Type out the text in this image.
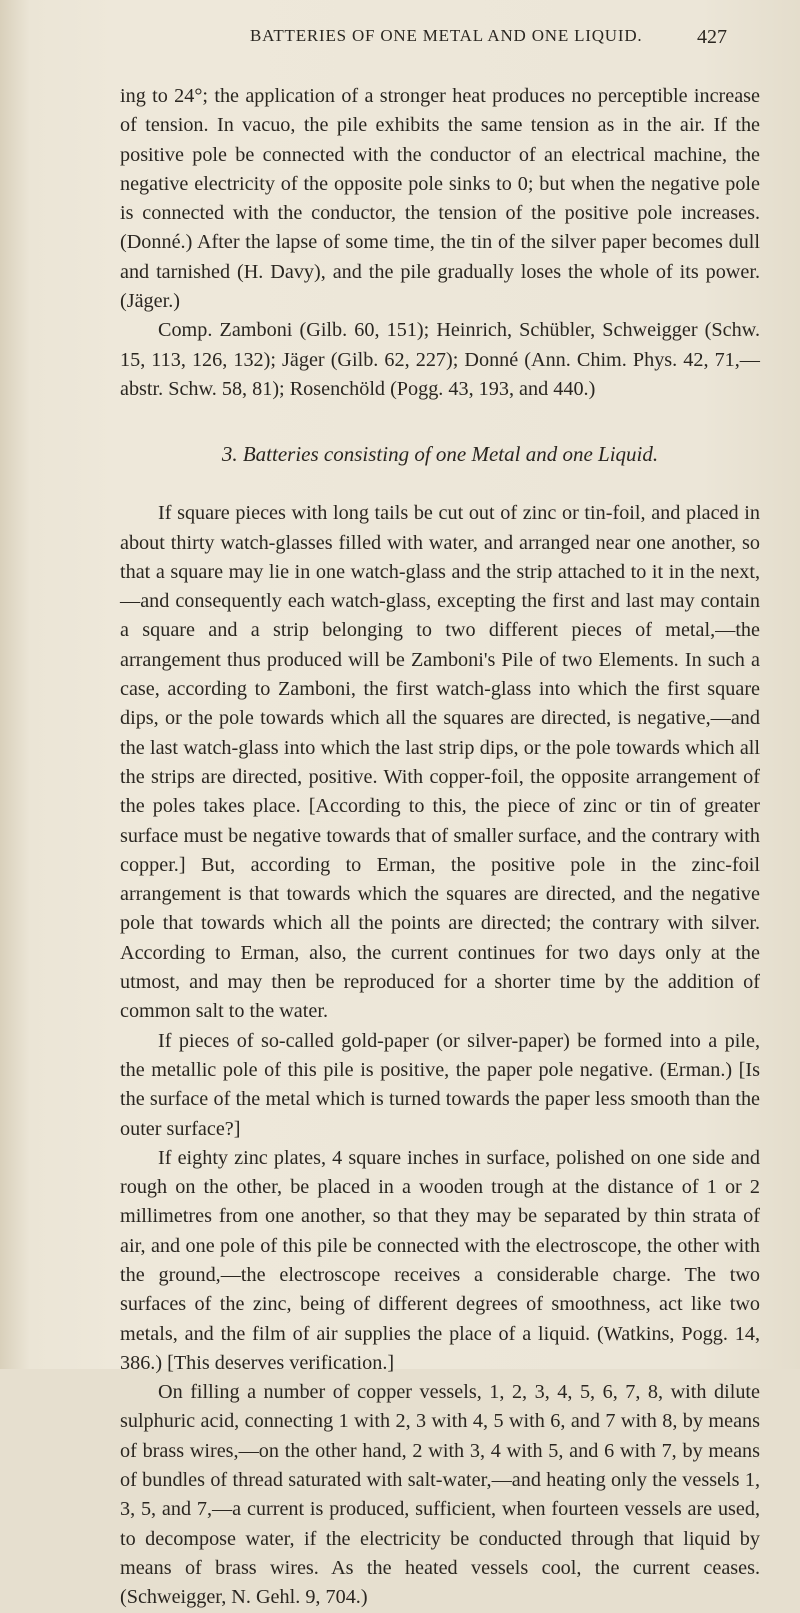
BATTERIES OF ONE METAL AND ONE LIQUID.	427

ing to 24°; the application of a stronger heat produces no perceptible increase of tension. In vacuo, the pile exhibits the same tension as in the air. If the positive pole be connected with the conductor of an electrical machine, the negative electricity of the opposite pole sinks to 0; but when the negative pole is connected with the conductor, the tension of the positive pole increases. (Donné.) After the lapse of some time, the tin of the silver paper becomes dull and tarnished (H. Davy), and the pile gradually loses the whole of its power. (Jäger.)

Comp. Zamboni (Gilb. 60, 151); Heinrich, Schübler, Schweigger (Schw. 15, 113, 126, 132); Jäger (Gilb. 62, 227); Donné (Ann. Chim. Phys. 42, 71,—abstr. Schw. 58, 81); Rosenchöld (Pogg. 43, 193, and 440.)

3. Batteries consisting of one Metal and one Liquid.

If square pieces with long tails be cut out of zinc or tin-foil, and placed in about thirty watch-glasses filled with water, and arranged near one another, so that a square may lie in one watch-glass and the strip attached to it in the next,—and consequently each watch-glass, excepting the first and last may contain a square and a strip belonging to two different pieces of metal,—the arrangement thus produced will be Zamboni's Pile of two Elements. In such a case, according to Zamboni, the first watch-glass into which the first square dips, or the pole towards which all the squares are directed, is negative,—and the last watch-glass into which the last strip dips, or the pole towards which all the strips are directed, positive. With copper-foil, the opposite arrangement of the poles takes place. [According to this, the piece of zinc or tin of greater surface must be negative towards that of smaller surface, and the contrary with copper.] But, according to Erman, the positive pole in the zinc-foil arrangement is that towards which the squares are directed, and the negative pole that towards which all the points are directed; the contrary with silver. According to Erman, also, the current continues for two days only at the utmost, and may then be reproduced for a shorter time by the addition of common salt to the water.

If pieces of so-called gold-paper (or silver-paper) be formed into a pile, the metallic pole of this pile is positive, the paper pole negative. (Erman.) [Is the surface of the metal which is turned towards the paper less smooth than the outer surface?]

If eighty zinc plates, 4 square inches in surface, polished on one side and rough on the other, be placed in a wooden trough at the distance of 1 or 2 millimetres from one another, so that they may be separated by thin strata of air, and one pole of this pile be connected with the electroscope, the other with the ground,—the electroscope receives a considerable charge. The two surfaces of the zinc, being of different degrees of smoothness, act like two metals, and the film of air supplies the place of a liquid. (Watkins, Pogg. 14, 386.) [This deserves verification.]

On filling a number of copper vessels, 1, 2, 3, 4, 5, 6, 7, 8, with dilute sulphuric acid, connecting 1 with 2, 3 with 4, 5 with 6, and 7 with 8, by means of brass wires,—on the other hand, 2 with 3, 4 with 5, and 6 with 7, by means of bundles of thread saturated with salt-water,—and heating only the vessels 1, 3, 5, and 7,—a current is produced, sufficient, when fourteen vessels are used, to decompose water, if the electricity be conducted through that liquid by means of brass wires. As the heated vessels cool, the current ceases. (Schweigger, N. Gehl. 9, 704.)
